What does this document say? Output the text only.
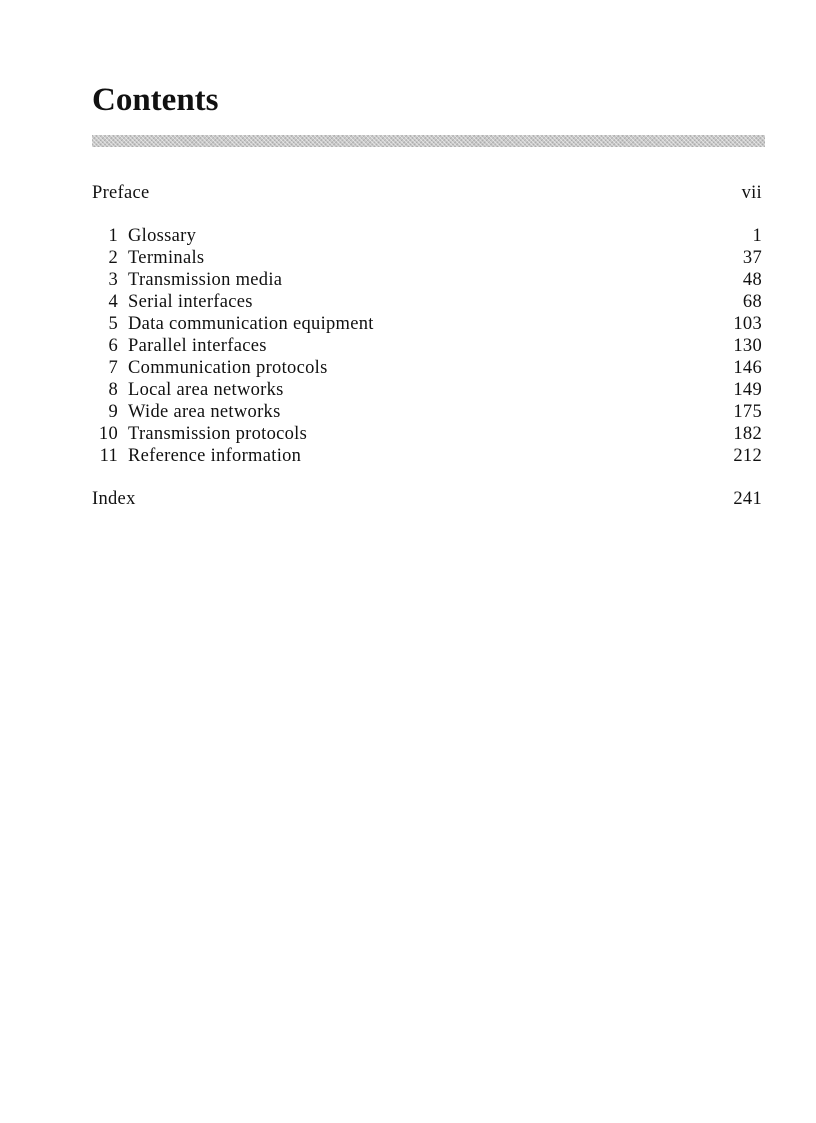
Contents
Preface	vii
1 Glossary	1
2 Terminals	37
3 Transmission media	48
4 Serial interfaces	68
5 Data communication equipment	103
6 Parallel interfaces	130
7 Communication protocols	146
8 Local area networks	149
9 Wide area networks	175
10 Transmission protocols	182
11 Reference information	212
Index	241
